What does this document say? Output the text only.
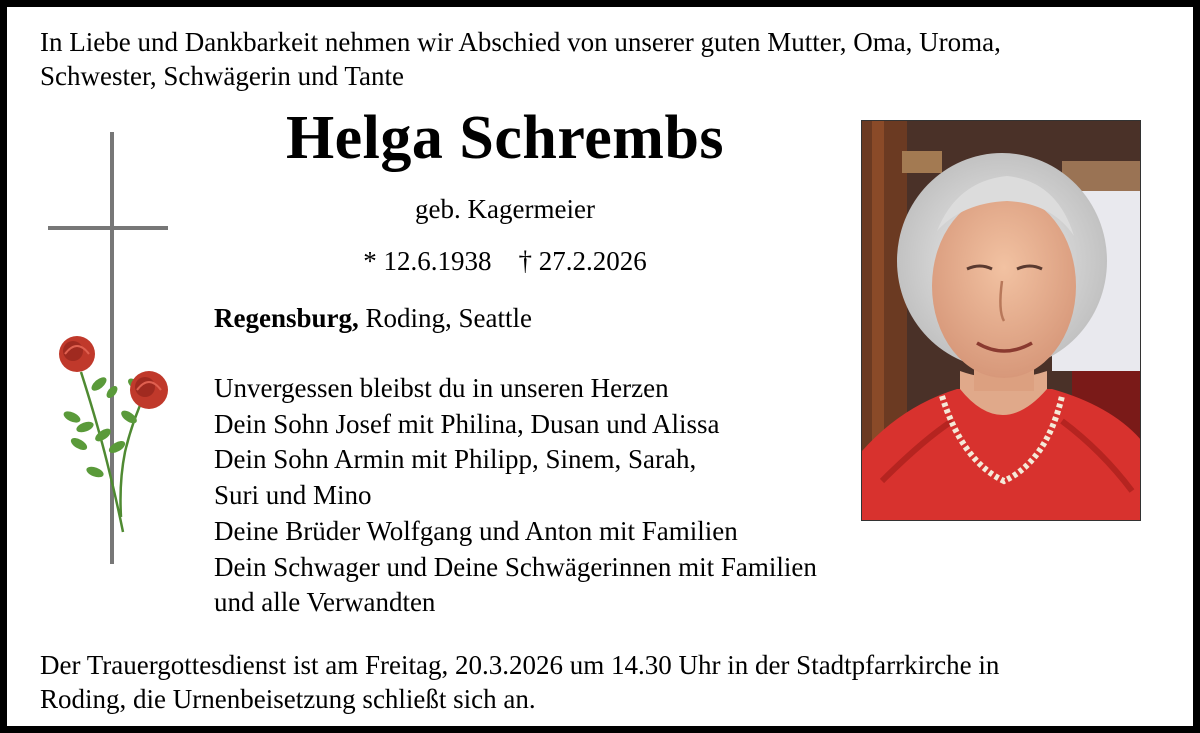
In Liebe und Dankbarkeit nehmen wir Abschied von unserer guten Mutter, Oma, Uroma,
Schwester, Schwägerin und Tante
Helga Schrembs
geb. Kagermeier
* 12.6.1938 † 27.2.2026
Regensburg, Roding, Seattle
Unvergessen bleibst du in unseren Herzen
Dein Sohn Josef mit Philina, Dusan und Alissa
Dein Sohn Armin mit Philipp, Sinem, Sarah,
Suri und Mino
Deine Brüder Wolfgang und Anton mit Familien
Dein Schwager und Deine Schwägerinnen mit Familien
und alle Verwandten
Der Trauergottesdienst ist am Freitag, 20.3.2026 um 14.30 Uhr in der Stadtpfarrkirche in
Roding, die Urnenbeisetzung schließt sich an.
